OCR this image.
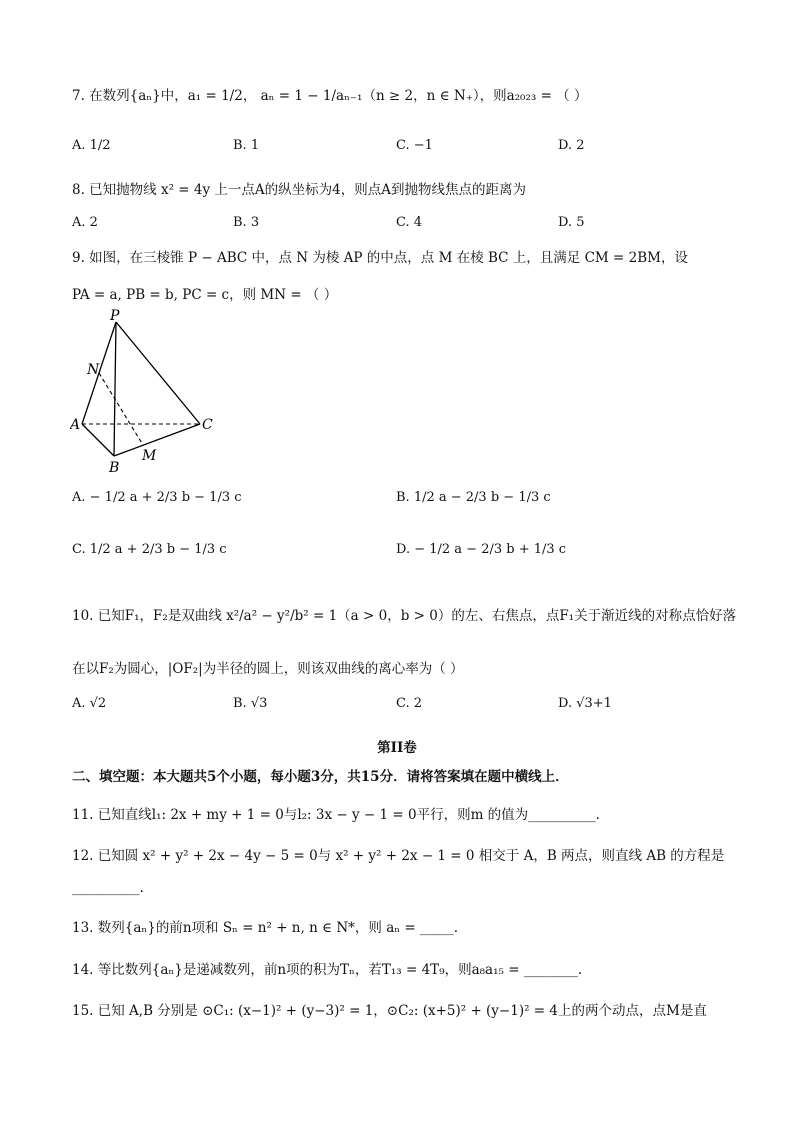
7. 在数列{aₙ}中，a₁ = 1/2， aₙ = 1 − 1/aₙ₋₁（n ≥ 2，n ∈ N₊），则a₂₀₂₃ = （ ）
A. 1/2	B. 1	C. −1	D. 2
8. 已知抛物线 x² = 4y 上一点A的纵坐标为4，则点A到抛物线焦点的距离为
A. 2	B. 3	C. 4	D. 5
9. 如图，在三棱锥 P − ABC 中，点 N 为棱 AP 的中点，点 M 在棱 BC 上，且满足 CM = 2BM，设
PA = a, PB = b, PC = c，则 MN = （ ）
P
N
A	C
B
M
A. − 1/2 a + 2/3 b − 1/3 c	B. 1/2 a − 2/3 b − 1/3 c
C. 1/2 a + 2/3 b − 1/3 c	D. − 1/2 a − 2/3 b + 1/3 c
10. 已知F₁，F₂是双曲线 x²/a² − y²/b² = 1（a > 0，b > 0）的左、右焦点，点F₁关于渐近线的对称点恰好落
在以F₂为圆心，|OF₂|为半径的圆上，则该双曲线的离心率为（ ）
A. √2	B. √3	C. 2	D. √3+1
第II卷
二、填空题：本大题共5个小题，每小题3分，共15分．请将答案填在题中横线上．
11. 已知直线l₁: 2x + my + 1 = 0与l₂: 3x − y − 1 = 0平行，则m 的值为__________.
12. 已知圆 x² + y² + 2x − 4y − 5 = 0与 x² + y² + 2x − 1 = 0 相交于 A，B 两点，则直线 AB 的方程是
__________.
13. 数列{aₙ}的前n项和 Sₙ = n² + n, n ∈ N*，则 aₙ = _____.
14. 等比数列{aₙ}是递减数列，前n项的积为Tₙ，若T₁₃ = 4T₉，则a₈a₁₅ = ________.
15. 已知 A,B 分别是 ⊙C₁: (x−1)² + (y−3)² = 1，⊙C₂: (x+5)² + (y−1)² = 4上的两个动点，点M是直
